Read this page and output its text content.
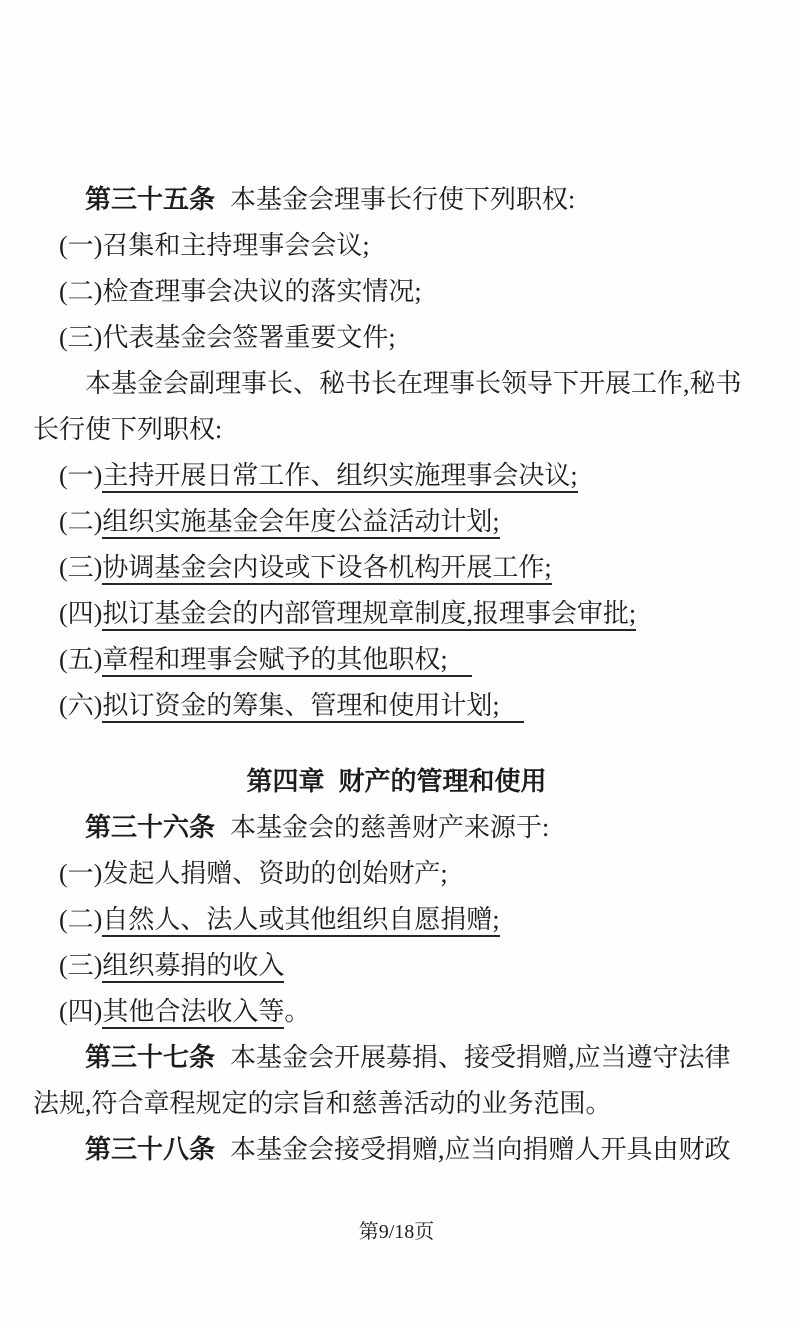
第三十五条 本基金会理事长行使下列职权:
(一)召集和主持理事会会议;
(二)检查理事会决议的落实情况;
(三)代表基金会签署重要文件;
本基金会副理事长、秘书长在理事长领导下开展工作,秘书
长行使下列职权:
(一)主持开展日常工作、组织实施理事会决议;
(二)组织实施基金会年度公益活动计划;
(三)协调基金会内设或下设各机构开展工作;
(四)拟订基金会的内部管理规章制度,报理事会审批;
(五)章程和理事会赋予的其他职权;
(六)拟订资金的筹集、管理和使用计划;
第四章 财产的管理和使用
第三十六条 本基金会的慈善财产来源于:
(一)发起人捐赠、资助的创始财产;
(二)自然人、法人或其他组织自愿捐赠;
(三)组织募捐的收入
(四)其他合法收入等。
第三十七条 本基金会开展募捐、接受捐赠,应当遵守法律
法规,符合章程规定的宗旨和慈善活动的业务范围。
第三十八条 本基金会接受捐赠,应当向捐赠人开具由财政
第9/18页
